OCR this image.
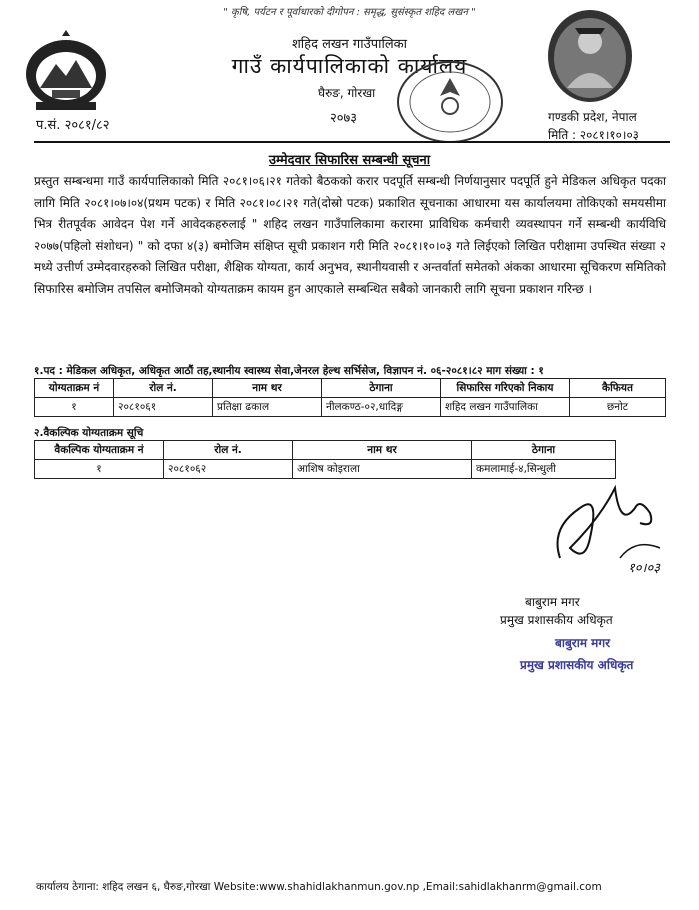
" कृषि, पर्यटन र पूर्वाधारको दीगोपन : समृद्ध, सुसंस्कृत शहिद लखन "
शहिद लखन गाउँपालिका
गाउँ कार्यपालिकाको कार्यालय
घैरुङ, गोरखा
२०७३
प.सं. २०८१/८२
गण्डकी प्रदेश, नेपाल
मिति : २०८१।१०।०३
उम्मेदवार सिफारिस सम्बन्धी सूचना
प्रस्तुत सम्बन्धमा गाउँ कार्यपालिकाको मिति २०८१।०६।२१ गतेको बैठकको करार पदपूर्ति सम्बन्धी निर्णयानुसार पदपूर्ति हुने मेडिकल अधिकृत पदका लागि मिति २०८१।०७।०४(प्रथम पटक) र मिति २०८१।०८।२१ गते(दोस्रो पटक) प्रकाशित सूचनाका आधारमा यस कार्यालयमा तोकिएको समयसीमा भित्र रीतपूर्वक आवेदन पेश गर्ने आवेदकहरुलाई " शहिद लखन गाउँपालिकामा करारमा प्राविधिक कर्मचारी व्यवस्थापन गर्ने सम्बन्धी कार्यविधि २०७७(पहिलो संशोधन) " को दफा ४(३) बमोजिम संक्षिप्त सूची प्रकाशन गरी मिति २०८१।१०।०३ गते लिईएको लिखित परीक्षामा उपस्थित संख्या २ मध्ये उत्तीर्ण उम्मेदवारहरुको लिखित परीक्षा, शैक्षिक योग्यता, कार्य अनुभव, स्थानीयवासी र अन्तर्वार्ता समेतको अंकका आधारमा सूचिकरण समितिको सिफारिस बमोजिम तपसिल बमोजिमको योग्यताक्रम कायम हुन आएकाले सम्बन्धित सबैको जानकारी लागि सूचना प्रकाशन गरिन्छ ।
१.पद : मेडिकल अधिकृत, अधिकृत आठौं तह,स्थानीय स्वास्थ्य सेवा,जेनरल हेल्थ सर्भिसेज, विज्ञापन नं. ०६-२०८१।८२ माग संख्या : १
योग्यताक्रम नं	रोल नं.	नाम थर	ठेगाना	सिफारिस गरिएको निकाय	कैफियत
१	२०८१०६१	प्रतिक्षा ढकाल	नीलकण्ठ-०२,धादिङ्ग	शहिद लखन गाउँपालिका	छनोट
२.वैकल्पिक योग्यताक्रम सूचि
वैकल्पिक योग्यताक्रम नं	रोल नं.	नाम थर	ठेगाना
१	२०८१०६२	आशिष कोइराला	कमलामाई-४,सिन्धुली
१०।०३
बाबुराम मगर
प्रमुख प्रशासकीय अधिकृत
बाबुराम मगर
प्रमुख प्रशासकीय अधिकृत
कार्यालय ठेगाना: शहिद लखन ६, घैरुङ,गोरखा Website:www.shahidlakhanmun.gov.np ,Email:sahidlakhanrm@gmail.com
